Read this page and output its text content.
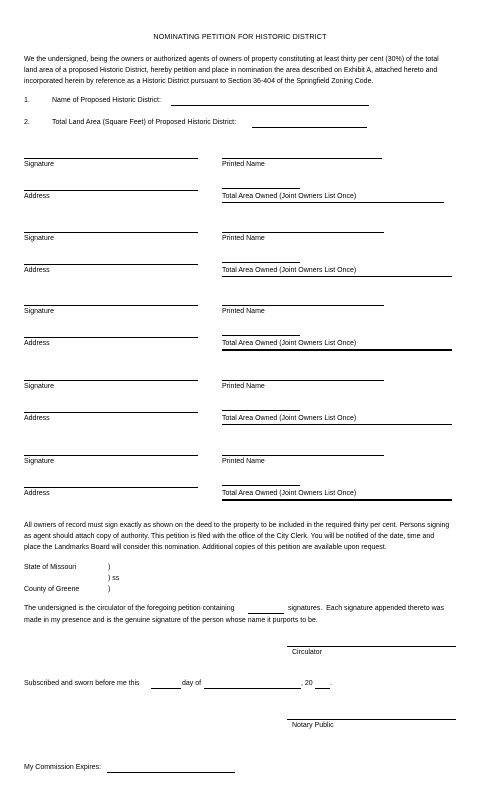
NOMINATING PETITION FOR HISTORIC DISTRICT
We the undersigned, being the owners or authorized agents of owners of property constituting at least thirty per cent (30%) of the total land area of a proposed Historic District, hereby petition and place in nomination the area described on Exhibit A, attached hereto and incorporated herein by reference as a Historic District pursuant to Section 36-404 of the Springfield Zoning Code.
1.	Name of Proposed Historic District:
2.	Total Land Area (Square Feet) of Proposed Historic District:
Signature	Printed Name
Address	Total Area Owned (Joint Owners List Once)
Signature	Printed Name
Address	Total Area Owned (Joint Owners List Once)
Signature	Printed Name
Address	Total Area Owned (Joint Owners List Once)
Signature	Printed Name
Address	Total Area Owned (Joint Owners List Once)
Signature	Printed Name
Address	Total Area Owned (Joint Owners List Once)
All owners of record must sign exactly as shown on the deed to the property to be included in the required thirty per cent. Persons signing as agent should attach copy of authority. This petition is filed with the office of the City Clerk. You will be notified of the date, time and place the Landmarks Board will consider this nomination. Additional copies of this petition are available upon request.
State of Missouri	)
) ss
County of Greene	)
The undersigned is the circulator of the foregoing petition containing	signatures.  Each signature appended thereto was
made in my presence and is the genuine signature of the person whose name it purports to be.
Circulator
Subscribed and sworn before me this	day of	, 20 .
Notary Public
My Commission Expires:
